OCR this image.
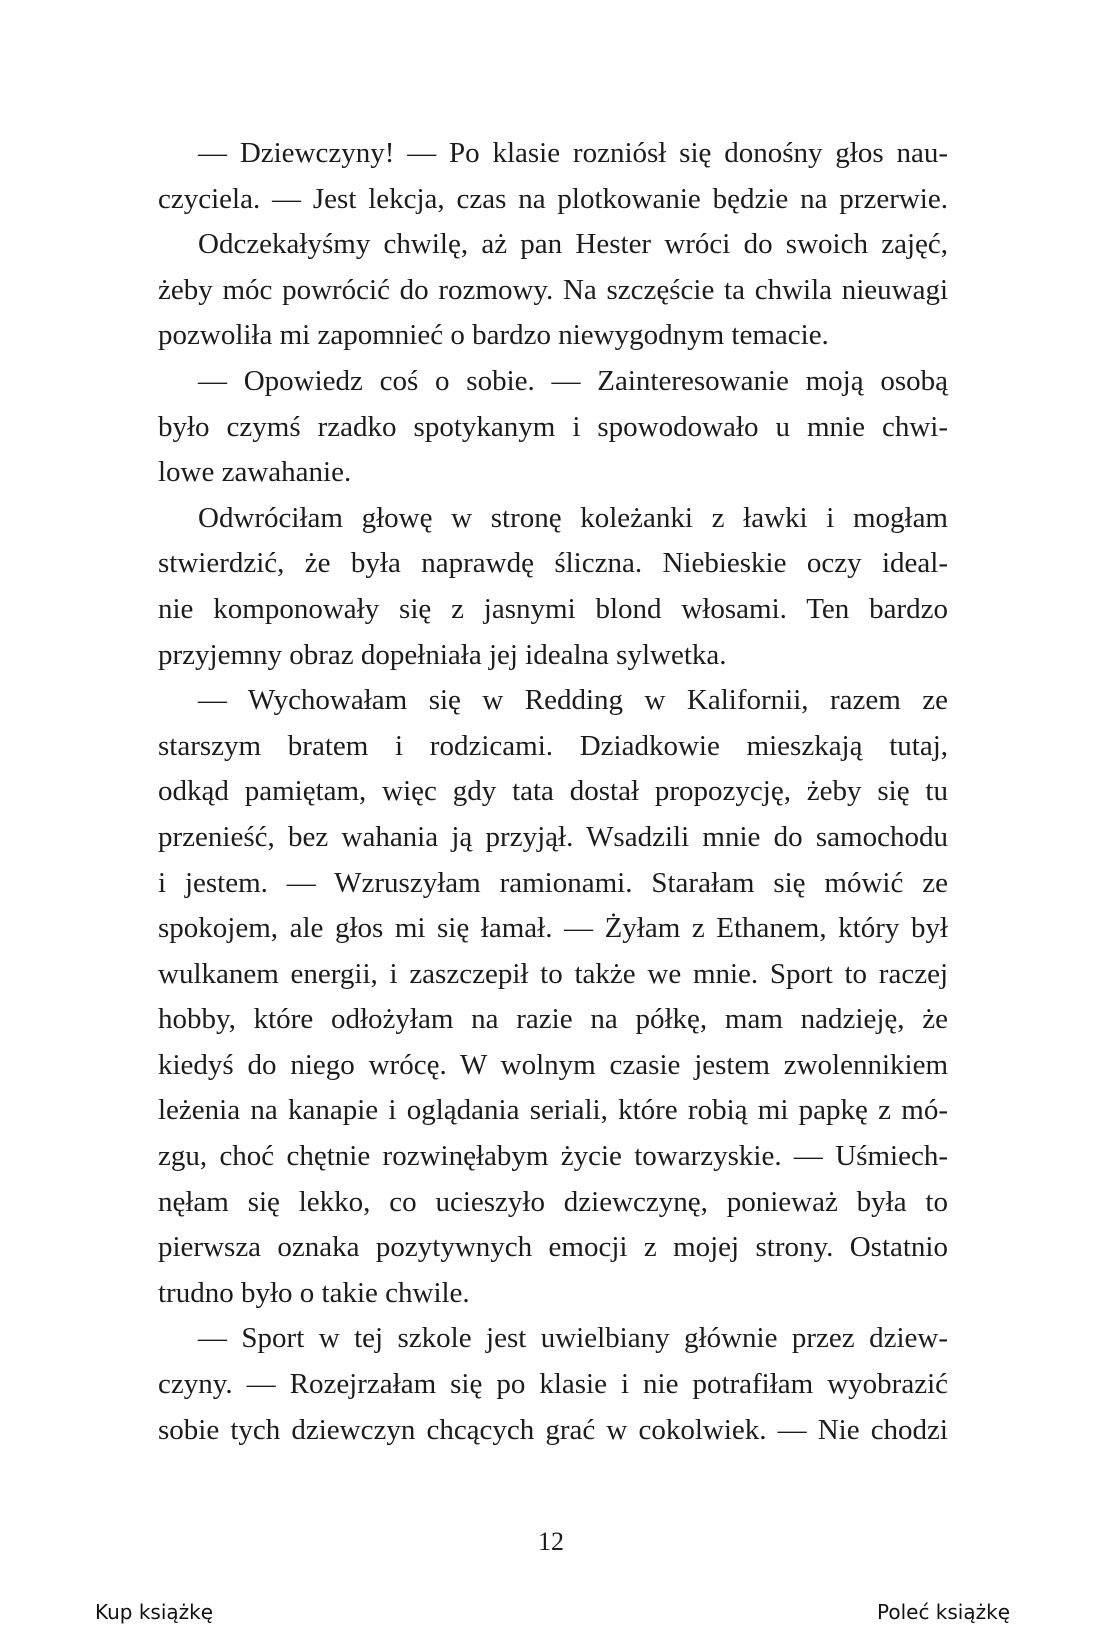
— Dziewczyny! — Po klasie rozniósł się donośny głos nau-
czyciela. — Jest lekcja, czas na plotkowanie będzie na przerwie.
Odczekałyśmy chwilę, aż pan Hester wróci do swoich zajęć,
żeby móc powrócić do rozmowy. Na szczęście ta chwila nieuwagi
pozwoliła mi zapomnieć o bardzo niewygodnym temacie.
— Opowiedz coś o sobie. — Zainteresowanie moją osobą
było czymś rzadko spotykanym i spowodowało u mnie chwi-
lowe zawahanie.
Odwróciłam głowę w stronę koleżanki z ławki i mogłam
stwierdzić, że była naprawdę śliczna. Niebieskie oczy ideal-
nie komponowały się z jasnymi blond włosami. Ten bardzo
przyjemny obraz dopełniała jej idealna sylwetka.
— Wychowałam się w Redding w Kalifornii, razem ze
starszym bratem i rodzicami. Dziadkowie mieszkają tutaj,
odkąd pamiętam, więc gdy tata dostał propozycję, żeby się tu
przenieść, bez wahania ją przyjął. Wsadzili mnie do samochodu
i jestem. — Wzruszyłam ramionami. Starałam się mówić ze
spokojem, ale głos mi się łamał. — Żyłam z Ethanem, który był
wulkanem energii, i zaszczepił to także we mnie. Sport to raczej
hobby, które odłożyłam na razie na półkę, mam nadzieję, że
kiedyś do niego wrócę. W wolnym czasie jestem zwolennikiem
leżenia na kanapie i oglądania seriali, które robią mi papkę z mó-
zgu, choć chętnie rozwinęłabym życie towarzyskie. — Uśmiech-
nęłam się lekko, co ucieszyło dziewczynę, ponieważ była to
pierwsza oznaka pozytywnych emocji z mojej strony. Ostatnio
trudno było o takie chwile.
— Sport w tej szkole jest uwielbiany głównie przez dziew-
czyny. — Rozejrzałam się po klasie i nie potrafiłam wyobrazić
sobie tych dziewczyn chcących grać w cokolwiek. — Nie chodzi
12
Kup książkę	Poleć książkę
